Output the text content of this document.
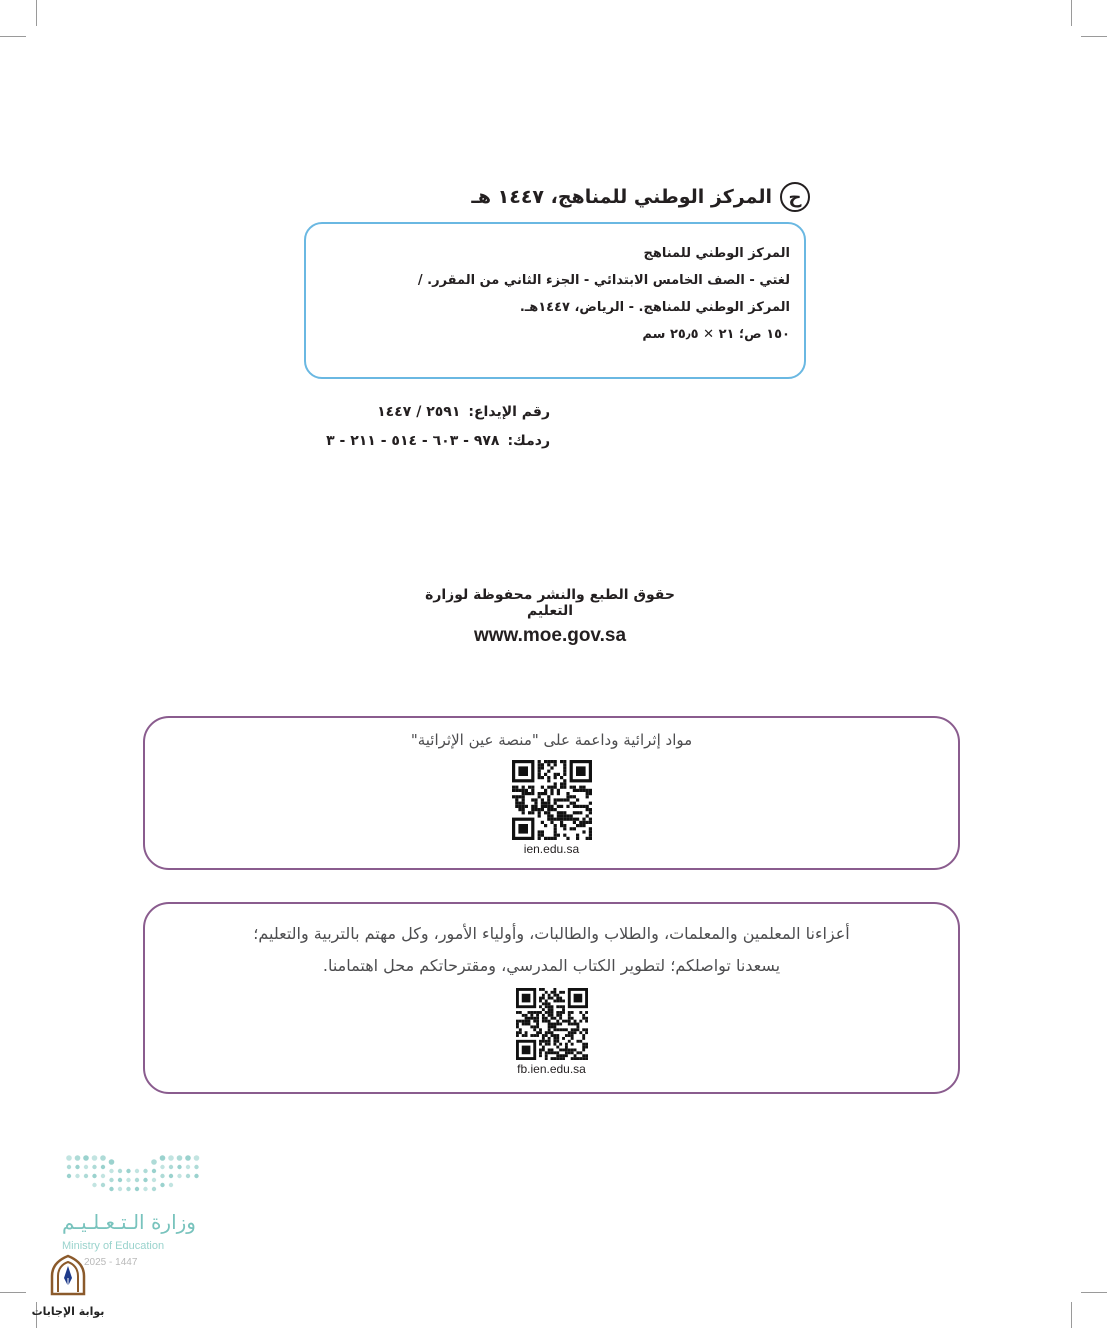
ح
المركز الوطني للمناهج، ١٤٤٧ هـ
المركز الوطني للمناهج
لغتي - الصف الخامس الابتدائي - الجزء الثاني من المقرر. /
المركز الوطني للمناهج. - الرياض، ١٤٤٧هـ.
١٥٠ ص؛ ٢١ ✕ ٢٥٫٥ سم
رقم الإيداع:
٢٥٩١ / ١٤٤٧
ردمك:
٩٧٨ - ٦٠٣ - ٥١٤ - ٢١١ - ٣
حقوق الطبع والنشر محفوظة لوزارة التعليم
www.moe.gov.sa
مواد إثرائية وداعمة على "منصة عين الإثرائية"
ien.edu.sa
أعزاءنا المعلمين والمعلمات، والطلاب والطالبات، وأولياء الأمور، وكل مهتم بالتربية والتعليم؛
يسعدنا تواصلكم؛ لتطوير الكتاب المدرسي، ومقترحاتكم محل اهتمامنا.
fb.ien.edu.sa
وزارة الـتـعـلـيـم
Ministry of Education
2025 - 1447
بوابة الإجابات
